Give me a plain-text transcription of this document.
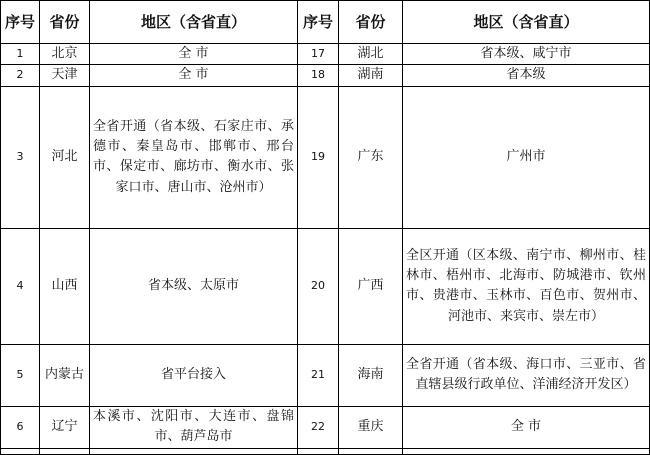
序号	省份	地区（含省直）	序号	省份	地区（含省直）
1	北京	全 市	17	湖北	省本级、咸宁市
2	天津	全 市	18	湖南	省本级
3	河北	全省开通（省本级、石家庄市、承德市、秦皇岛市、邯郸市、邢台市、保定市、廊坊市、衡水市、张家口市、唐山市、沧州市）	19	广东	广州市
4	山西	省本级、太原市	20	广西	全区开通（区本级、南宁市、柳州市、桂林市、梧州市、北海市、防城港市、钦州市、贵港市、玉林市、百色市、贺州市、河池市、来宾市、崇左市）
5	内蒙古	省平台接入	21	海南	全省开通（省本级、海口市、三亚市、省直辖县级行政单位、洋浦经济开发区）
6	辽宁	本溪市、沈阳市、大连市、盘锦市、葫芦岛市	22	重庆	全 市
